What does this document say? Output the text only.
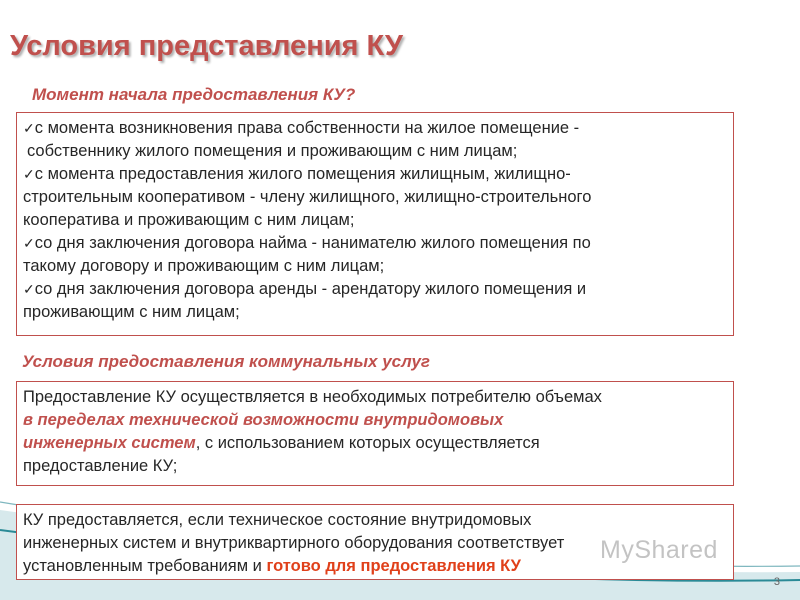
Условия представления КУ
Момент начала предоставления КУ?
✓с момента возникновения права собственности на жилое помещение -
собственнику жилого помещения и проживающим с ним лицам;
✓с момента предоставления жилого помещения жилищным, жилищно-
строительным кооперативом - члену жилищного, жилищно-строительного
кооператива и проживающим с ним лицам;
✓со дня заключения договора найма - нанимателю жилого помещения по
такому договору и проживающим с ним лицам;
✓со дня заключения договора аренды - арендатору жилого помещения и
проживающим с ним лицам;
Условия предоставления коммунальных услуг
Предоставление КУ осуществляется в необходимых потребителю объемах
в переделах технической возможности внутридомовых
инженерных систем, с использованием которых осуществляется
предоставление КУ;
КУ предоставляется, если техническое состояние внутридомовых
инженерных систем и внутриквартирного оборудования соответствует
установленным требованиям и готово для предоставления КУ
MyShared
3
